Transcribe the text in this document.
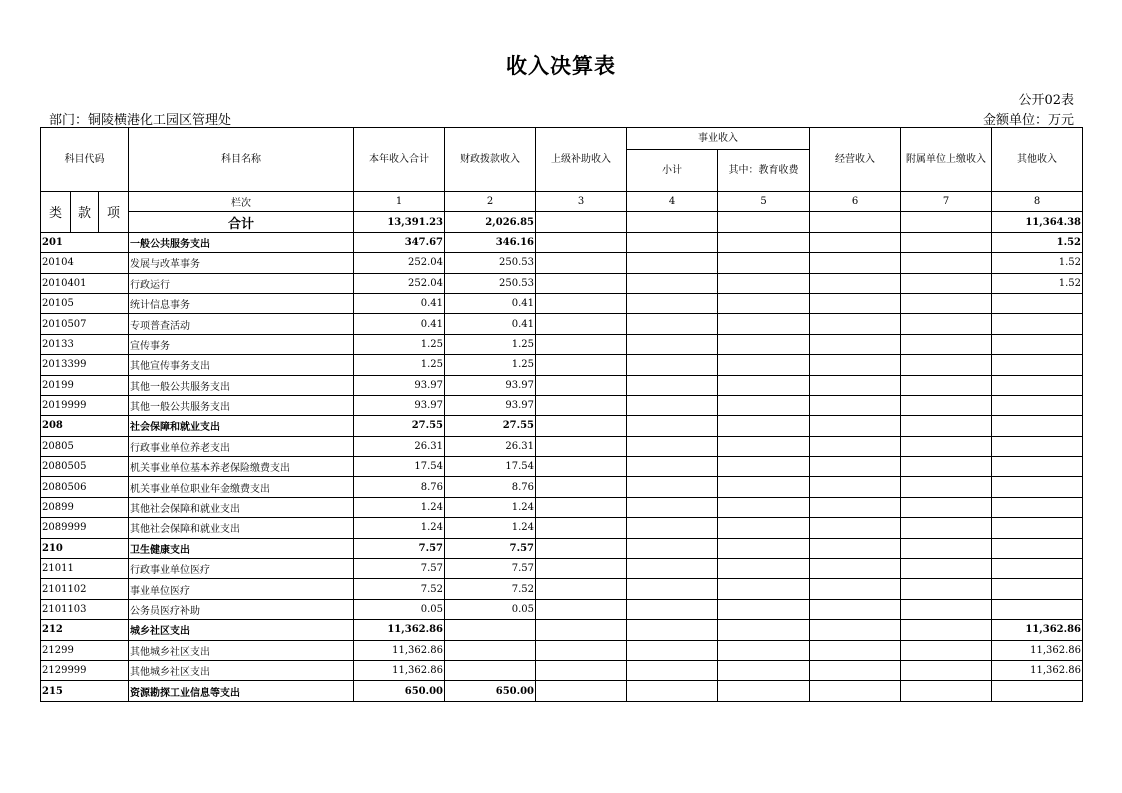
收入决算表
公开02表
部门：铜陵横港化工园区管理处	金额单位：万元
科目代码			科目名称	本年收入合计	财政拨款收入	上级补助收入	事业收入		经营收入	附属单位上缴收入	其他收入
							小计	其中：教育收费			
类	款	项	栏次	1	2	3	4	5	6	7	8
			合计	13,391.23	2,026.85						11,364.38
201			一般公共服务支出	347.67	346.16						1.52
20104			发展与改革事务	252.04	250.53						1.52
2010401			行政运行	252.04	250.53						1.52
20105			统计信息事务	0.41	0.41						
2010507			专项普查活动	0.41	0.41						
20133			宣传事务	1.25	1.25						
2013399			其他宣传事务支出	1.25	1.25						
20199			其他一般公共服务支出	93.97	93.97						
2019999			其他一般公共服务支出	93.97	93.97						
208			社会保障和就业支出	27.55	27.55						
20805			行政事业单位养老支出	26.31	26.31						
2080505			机关事业单位基本养老保险缴费支出	17.54	17.54						
2080506			机关事业单位职业年金缴费支出	8.76	8.76						
20899			其他社会保障和就业支出	1.24	1.24						
2089999			其他社会保障和就业支出	1.24	1.24						
210			卫生健康支出	7.57	7.57						
21011			行政事业单位医疗	7.57	7.57						
2101102			事业单位医疗	7.52	7.52						
2101103			公务员医疗补助	0.05	0.05						
212			城乡社区支出	11,362.86							11,362.86
21299			其他城乡社区支出	11,362.86							11,362.86
2129999			其他城乡社区支出	11,362.86							11,362.86
215			资源勘探工业信息等支出	650.00	650.00						
